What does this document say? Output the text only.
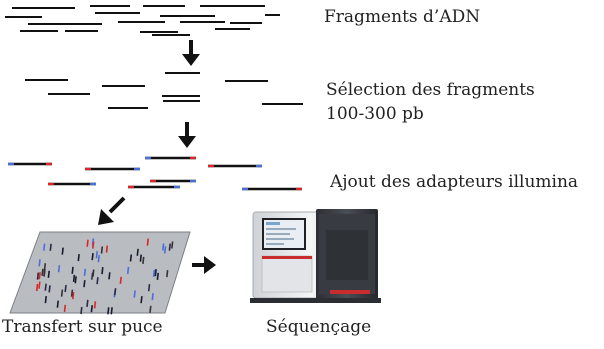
Fragments d’ADN
Sélection des fragments
100-300 pb
Ajout des adapteurs illumina
Transfert sur puce	Séquençage
